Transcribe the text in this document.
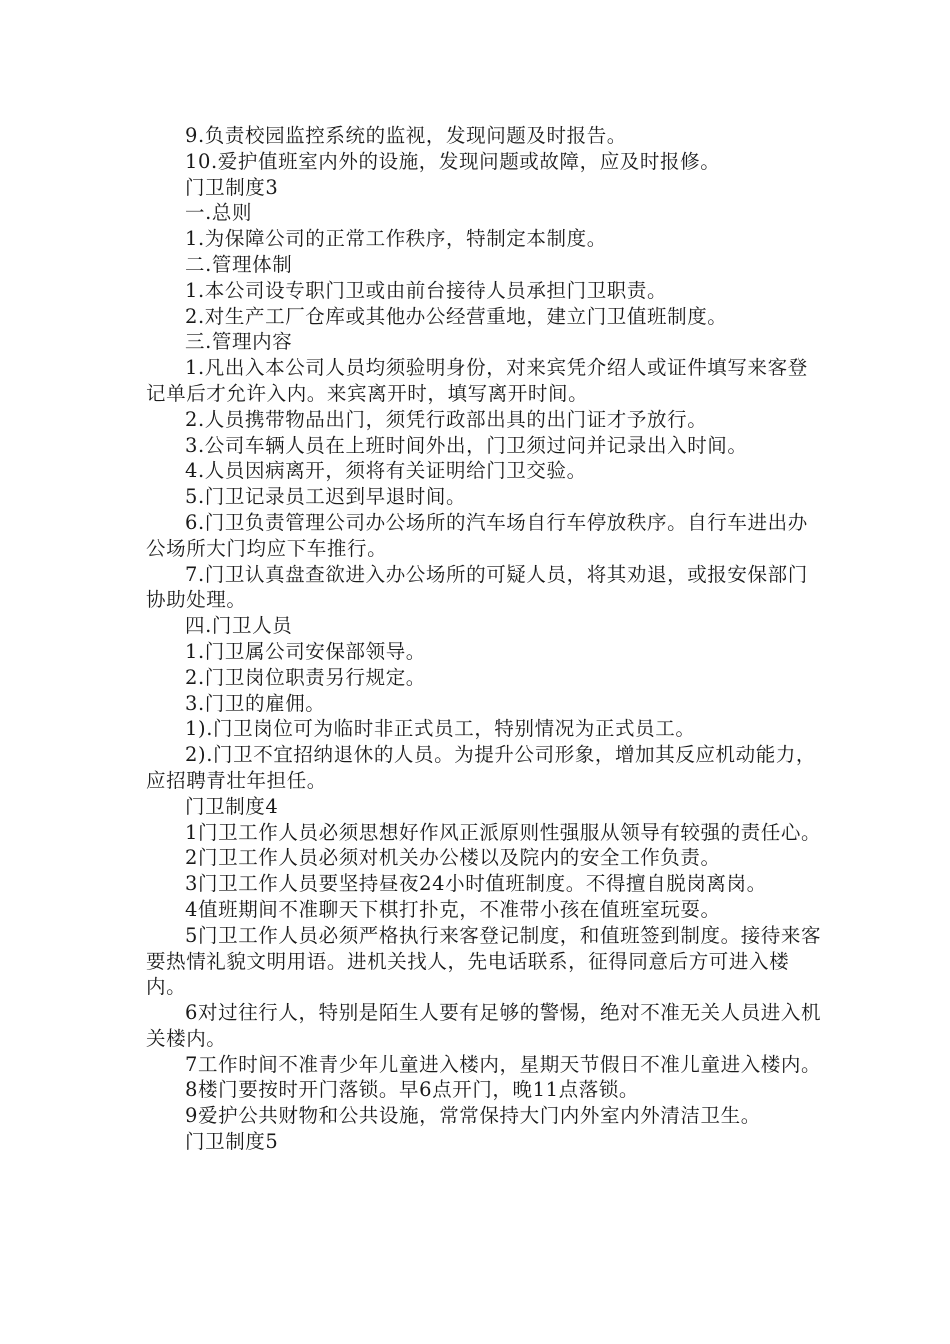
9.负责校园监控系统的监视，发现问题及时报告。

10.爱护值班室内外的设施，发现问题或故障，应及时报修。

门卫制度3

一.总则

1.为保障公司的正常工作秩序，特制定本制度。

二.管理体制

1.本公司设专职门卫或由前台接待人员承担门卫职责。

2.对生产工厂仓库或其他办公经营重地，建立门卫值班制度。

三.管理内容

1.凡出入本公司人员均须验明身份，对来宾凭介绍人或证件填写来客登记单后才允许入内。来宾离开时，填写离开时间。

2.人员携带物品出门，须凭行政部出具的出门证才予放行。

3.公司车辆人员在上班时间外出，门卫须过问并记录出入时间。

4.人员因病离开，须将有关证明给门卫交验。

5.门卫记录员工迟到早退时间。

6.门卫负责管理公司办公场所的汽车场自行车停放秩序。自行车进出办公场所大门均应下车推行。

7.门卫认真盘查欲进入办公场所的可疑人员，将其劝退，或报安保部门协助处理。

四.门卫人员

1.门卫属公司安保部领导。

2.门卫岗位职责另行规定。

3.门卫的雇佣。

1).门卫岗位可为临时非正式员工，特别情况为正式员工。

2).门卫不宜招纳退休的人员。为提升公司形象，增加其反应机动能力，应招聘青壮年担任。

门卫制度4

1门卫工作人员必须思想好作风正派原则性强服从领导有较强的责任心。

2门卫工作人员必须对机关办公楼以及院内的安全工作负责。

3门卫工作人员要坚持昼夜24小时值班制度。不得擅自脱岗离岗。

4值班期间不准聊天下棋打扑克，不准带小孩在值班室玩耍。

5门卫工作人员必须严格执行来客登记制度，和值班签到制度。接待来客要热情礼貌文明用语。进机关找人，先电话联系，征得同意后方可进入楼内。

6对过往行人，特别是陌生人要有足够的警惕，绝对不准无关人员进入机关楼内。

7工作时间不准青少年儿童进入楼内，星期天节假日不准儿童进入楼内。

8楼门要按时开门落锁。早6点开门，晚11点落锁。

9爱护公共财物和公共设施，常常保持大门内外室内外清洁卫生。

门卫制度5
